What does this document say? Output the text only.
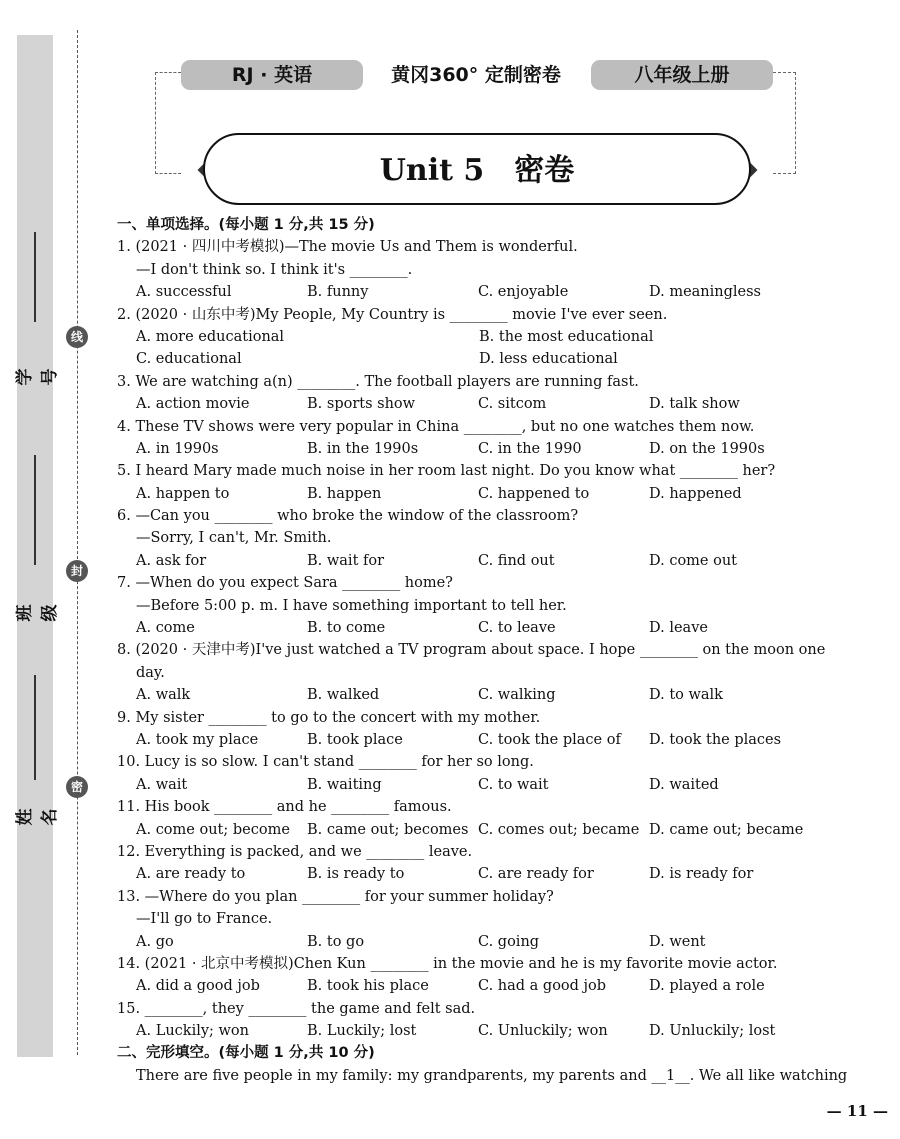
学号
班级
姓名
线
封
密
RJ · 英语	黄冈360° 定制密卷	八年级上册
Unit 5　密卷
一、单项选择。(每小题 1 分,共 15 分)
1. (2021 · 四川中考模拟)—The movie Us and Them is wonderful.
—I don't think so. I think it's ________.
A. successful	B. funny	C. enjoyable	D. meaningless
2. (2020 · 山东中考)My People, My Country is ________ movie I've ever seen.
A. more educational	B. the most educational
C. educational	D. less educational
3. We are watching a(n) ________. The football players are running fast.
A. action movie	B. sports show	C. sitcom	D. talk show
4. These TV shows were very popular in China ________, but no one watches them now.
A. in 1990s	B. in the 1990s	C. in the 1990	D. on the 1990s
5. I heard Mary made much noise in her room last night. Do you know what ________ her?
A. happen to	B. happen	C. happened to	D. happened
6. —Can you ________ who broke the window of the classroom?
—Sorry, I can't, Mr. Smith.
A. ask for	B. wait for	C. find out	D. come out
7. —When do you expect Sara ________ home?
—Before 5:00 p. m. I have something important to tell her.
A. come	B. to come	C. to leave	D. leave
8. (2020 · 天津中考)I've just watched a TV program about space. I hope ________ on the moon one
day.
A. walk	B. walked	C. walking	D. to walk
9. My sister ________ to go to the concert with my mother.
A. took my place	B. took place	C. took the place of	D. took the places
10. Lucy is so slow. I can't stand ________ for her so long.
A. wait	B. waiting	C. to wait	D. waited
11. His book ________ and he ________ famous.
A. come out; become	B. came out; becomes C. comes out; became D. came out; became
12. Everything is packed, and we ________ leave.
A. are ready to	B. is ready to	C. are ready for	D. is ready for
13. —Where do you plan ________ for your summer holiday?
—I'll go to France.
A. go	B. to go	C. going	D. went
14. (2021 · 北京中考模拟)Chen Kun ________ in the movie and he is my favorite movie actor.
A. did a good job	B. took his place	C. had a good job	D. played a role
15. ________, they ________ the game and felt sad.
A. Luckily; won	B. Luckily; lost	C. Unluckily; won	D. Unluckily; lost
二、完形填空。(每小题 1 分,共 10 分)
There are five people in my family: my grandparents, my parents and __1__. We all like watching
— 11 —
